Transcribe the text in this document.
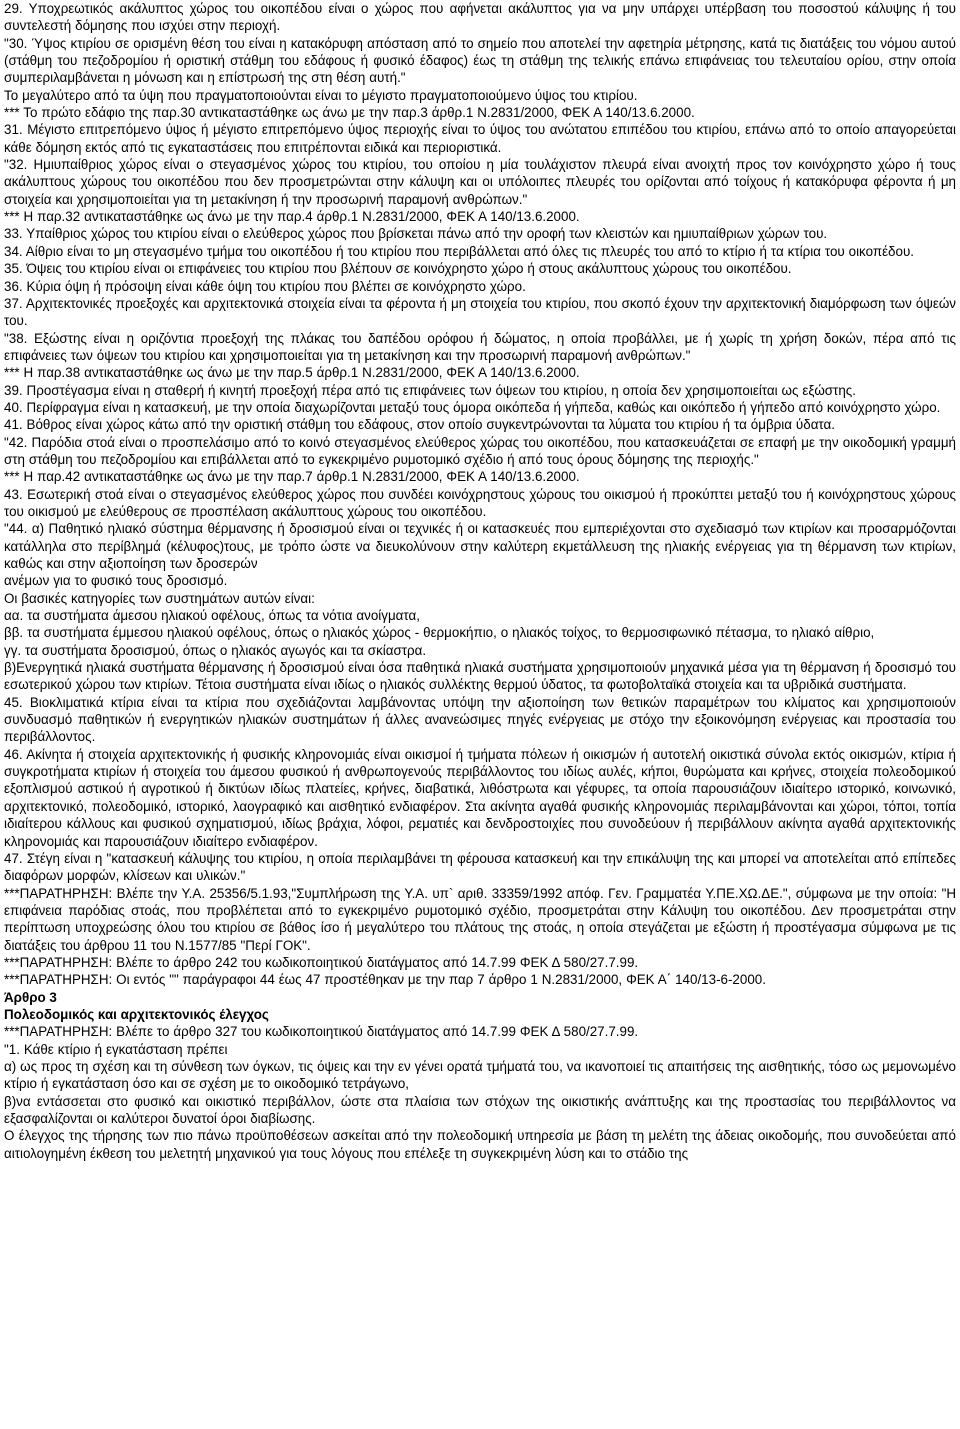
29. Υποχρεωτικός ακάλυπτος χώρος του οικοπέδου είναι ο χώρος που αφήνεται ακάλυπτος για να μην υπάρχει υπέρβαση του ποσοστού κάλυψης ή του συντελεστή δόμησης που ισχύει στην περιοχή.

"30. Ύψος κτιρίου σε ορισμένη θέση του είναι η κατακόρυφη απόσταση από το σημείο που αποτελεί την αφετηρία μέτρησης, κατά τις διατάξεις του νόμου αυτού (στάθμη του πεζοδρομίου ή οριστική στάθμη του εδάφους ή φυσικό έδαφος) έως τη στάθμη της τελικής επάνω επιφάνειας του τελευταίου ορίου, στην οποία συμπεριλαμβάνεται η μόνωση και η επίστρωσή της στη θέση αυτή."

Το μεγαλύτερο από τα ύψη που πραγματοποιούνται είναι το μέγιστο πραγματοποιούμενο ύψος του κτιρίου.

*** Το πρώτο εδάφιο της παρ.30 αντικαταστάθηκε ως άνω με την παρ.3 άρθρ.1 Ν.2831/2000, ΦΕΚ Α 140/13.6.2000.

31. Μέγιστο επιτρεπόμενο ύψος ή μέγιστο επιτρεπόμενο ύψος περιοχής είναι το ύψος του ανώτατου επιπέδου του κτιρίου, επάνω από το οποίο απαγορεύεται κάθε δόμηση εκτός από τις εγκαταστάσεις που επιτρέπονται ειδικά και περιοριστικά.

"32. Ημιυπαίθριος χώρος είναι ο στεγασμένος χώρος του κτιρίου, του οποίου η μία τουλάχιστον πλευρά είναι ανοιχτή προς τον κοινόχρηστο χώρο ή τους ακάλυπτους χώρους του οικοπέδου που δεν προσμετρώνται στην κάλυψη και οι υπόλοιπες πλευρές του ορίζονται από τοίχους ή κατακόρυφα φέροντα ή μη στοιχεία και χρησιμοποιείται για τη μετακίνηση ή την προσωρινή παραμονή ανθρώπων."

*** Η παρ.32 αντικαταστάθηκε ως άνω με την παρ.4 άρθρ.1 Ν.2831/2000, ΦΕΚ Α 140/13.6.2000.

33. Υπαίθριος χώρος του κτιρίου είναι ο ελεύθερος χώρος που βρίσκεται πάνω από την οροφή των κλειστών και ημιυπαίθριων χώρων του.

34. Αίθριο είναι το μη στεγασμένο τμήμα του οικοπέδου ή του κτιρίου που περιβάλλεται από όλες τις πλευρές του από το κτίριο ή τα κτίρια του οικοπέδου.

35. Όψεις του κτιρίου είναι οι επιφάνειες του κτιρίου που βλέπουν σε κοινόχρηστο χώρο ή στους ακάλυπτους χώρους του οικοπέδου.

36. Κύρια όψη ή πρόσοψη είναι κάθε όψη του κτιρίου που βλέπει σε κοινόχρηστο χώρο.

37. Αρχιτεκτονικές προεξοχές και αρχιτεκτονικά στοιχεία είναι τα φέροντα ή μη στοιχεία του κτιρίου, που σκοπό έχουν την αρχιτεκτονική διαμόρφωση των όψεών του.

"38. Εξώστης είναι η οριζόντια προεξοχή της πλάκας του δαπέδου ορόφου ή δώματος, η οποία προβάλλει, με ή χωρίς τη χρήση δοκών, πέρα από τις επιφάνειες των όψεων του κτιρίου και χρησιμοποιείται για τη μετακίνηση και την προσωρινή παραμονή ανθρώπων."

*** Η παρ.38 αντικαταστάθηκε ως άνω με την παρ.5 άρθρ.1 Ν.2831/2000, ΦΕΚ Α 140/13.6.2000.

39. Προστέγασμα είναι η σταθερή ή κινητή προεξοχή πέρα από τις επιφάνειες των όψεων του κτιρίου, η οποία δεν χρησιμοποιείται ως εξώστης.

40. Περίφραγμα είναι η κατασκευή, με την οποία διαχωρίζονται μεταξύ τους όμορα οικόπεδα ή γήπεδα, καθώς και οικόπεδο ή γήπεδο από κοινόχρηστο χώρο.

41. Βόθρος είναι χώρος κάτω από την οριστική στάθμη του εδάφους, στον οποίο συγκεντρώνονται τα λύματα του κτιρίου ή τα όμβρια ύδατα.

"42. Παρόδια στοά είναι ο προσπελάσιμο από το κοινό στεγασμένος ελεύθερος χώρας του οικοπέδου, που κατασκευάζεται σε επαφή με την οικοδομική γραμμή στη στάθμη του πεζοδρομίου και επιβάλλεται από το εγκεκριμένο ρυμοτομικό σχέδιο ή από τους όρους δόμησης της περιοχής."

*** Η παρ.42 αντικαταστάθηκε ως άνω με την παρ.7 άρθρ.1 Ν.2831/2000, ΦΕΚ Α 140/13.6.2000.

43. Εσωτερική στοά είναι ο στεγασμένος ελεύθερος χώρος που συνδέει κοινόχρηστους χώρους του οικισμού ή προκύπτει μεταξύ του ή κοινόχρηστους χώρους του οικισμού με ελεύθερους σε προσπέλαση ακάλυπτους χώρους του οικοπέδου.

"44. α) Παθητικό ηλιακό σύστημα θέρμανσης ή δροσισμού είναι οι τεχνικές ή οι κατασκευές που εμπεριέχονται στο σχεδιασμό των κτιρίων και προσαρμόζονται κατάλληλα στο περίβλημά (κέλυφος)τους, με τρόπο ώστε να διευκολύνουν στην καλύτερη εκμετάλλευση της ηλιακής ενέργειας για τη θέρμανση των κτιρίων, καθώς και στην αξιοποίηση των δροσερών

ανέμων για το φυσικό τους δροσισμό.

Οι βασικές κατηγορίες των συστημάτων αυτών είναι:

αα. τα συστήματα άμεσου ηλιακού οφέλους, όπως τα νότια ανοίγματα,

ββ. τα συστήματα έμμεσου ηλιακού οφέλους, όπως ο ηλιακός χώρος - θερμοκήπιο, ο ηλιακός τοίχος, το θερμοσιφωνικό πέτασμα, το ηλιακό αίθριο,

γγ. τα συστήματα δροσισμού, όπως ο ηλιακός αγωγός και τα σκίαστρα.

β)Ενεργητικά ηλιακά συστήματα θέρμανσης ή δροσισμού είναι όσα παθητικά ηλιακά συστήματα χρησιμοποιούν μηχανικά μέσα για τη θέρμανση ή δροσισμό του εσωτερικού χώρου των κτιρίων. Τέτοια συστήματα είναι ιδίως ο ηλιακός συλλέκτης θερμού ύδατος, τα φωτοβολταϊκά στοιχεία και τα υβριδικά συστήματα.

45. Βιοκλιματικά κτίρια είναι τα κτίρια που σχεδιάζονται λαμβάνοντας υπόψη την αξιοποίηση των θετικών παραμέτρων του κλίματος και χρησιμοποιούν συνδυασμό παθητικών ή ενεργητικών ηλιακών συστημάτων ή άλλες ανανεώσιμες πηγές ενέργειας με στόχο την εξοικονόμηση ενέργειας και προστασία του περιβάλλοντος.

46. Ακίνητα ή στοιχεία αρχιτεκτονικής ή φυσικής κληρονομιάς είναι οικισμοί ή τμήματα πόλεων ή οικισμών ή αυτοτελή οικιστικά σύνολα εκτός οικισμών, κτίρια ή συγκροτήματα κτιρίων ή στοιχεία του άμεσου φυσικού ή ανθρωπογενούς περιβάλλοντος του ιδίως αυλές, κήποι, θυρώματα και κρήνες, στοιχεία πολεοδομικού εξοπλισμού αστικού ή αγροτικού ή δικτύων ιδίως πλατείες, κρήνες, διαβατικά, λιθόστρωτα και γέφυρες, τα οποία παρουσιάζουν ιδιαίτερο ιστορικό, κοινωνικό, αρχιτεκτονικό, πολεοδομικό, ιστορικό, λαογραφικό και αισθητικό ενδιαφέρον. Στα ακίνητα αγαθά φυσικής κληρονομιάς περιλαμβάνονται και χώροι, τόποι, τοπία ιδιαίτερου κάλλους και φυσικού σχηματισμού, ιδίως βράχια, λόφοι, ρεματιές και δενδροστοιχίες που συνοδεύουν ή περιβάλλουν ακίνητα αγαθά αρχιτεκτονικής κληρονομιάς και παρουσιάζουν ιδιαίτερο ενδιαφέρον.

47. Στέγη είναι η "κατασκευή κάλυψης του κτιρίου, η οποία περιλαμβάνει τη φέρουσα κατασκευή και την επικάλυψη της και μπορεί να αποτελείται από επίπεδες διαφόρων μορφών, κλίσεων και υλικών."

***ΠΑΡΑΤΗΡΗΣΗ: Βλέπε την Υ.Α. 25356/5.1.93,"Συμπλήρωση της Υ.Α. υπ` αριθ. 33359/1992 απόφ. Γεν. Γραμματέα Υ.ΠΕ.ΧΩ.ΔΕ.", σύμφωνα με την οποία: "Η επιφάνεια παρόδιας στοάς, που προβλέπεται από το εγκεκριμένο ρυμοτομικό σχέδιο, προσμετράται στην Κάλυψη του οικοπέδου. Δεν προσμετράται στην περίπτωση υποχρεώσης όλου του κτιρίου σε βάθος ίσο ή μεγαλύτερο του πλάτους της στοάς, η οποία στεγάζεται με εξώστη ή προστέγασμα σύμφωνα με τις διατάξεις του άρθρου 11 του Ν.1577/85 "Περί ΓΟΚ".

***ΠΑΡΑΤΗΡΗΣΗ: Βλέπε το άρθρο 242 του κωδικοποιητικού διατάγματος από 14.7.99 ΦΕΚ Δ 580/27.7.99.

***ΠΑΡΑΤΗΡΗΣΗ: Οι εντός "" παράγραφοι 44 έως 47 προστέθηκαν με την παρ 7 άρθρο 1 Ν.2831/2000, ΦΕΚ Α΄ 140/13-6-2000.

Άρθρο 3

Πολεοδομικός και αρχιτεκτονικός έλεγχος

***ΠΑΡΑΤΗΡΗΣΗ: Βλέπε το άρθρο 327 του κωδικοποιητικού διατάγματος από 14.7.99 ΦΕΚ Δ 580/27.7.99.

"1. Κάθε κτίριο ή εγκατάσταση πρέπει

α) ως προς τη σχέση και τη σύνθεση των όγκων, τις όψεις και την εν γένει ορατά τμήματά του, να ικανοποιεί τις απαιτήσεις της αισθητικής, τόσο ως μεμονωμένο κτίριο ή εγκατάσταση όσο και σε σχέση με το οικοδομικό τετράγωνο,

β)να εντάσσεται στο φυσικό και οικιστικό περιβάλλον, ώστε στα πλαίσια των στόχων της οικιστικής ανάπτυξης και της προστασίας του περιβάλλοντος να εξασφαλίζονται οι καλύτεροι δυνατοί όροι διαβίωσης.

Ο έλεγχος της τήρησης των πιο πάνω προϋποθέσεων ασκείται από την πολεοδομική υπηρεσία με βάση τη μελέτη της άδειας οικοδομής, που συνοδεύεται από αιτιολογημένη έκθεση του μελετητή μηχανικού για τους λόγους που επέλεξε τη συγκεκριμένη λύση και το στάδιο της
